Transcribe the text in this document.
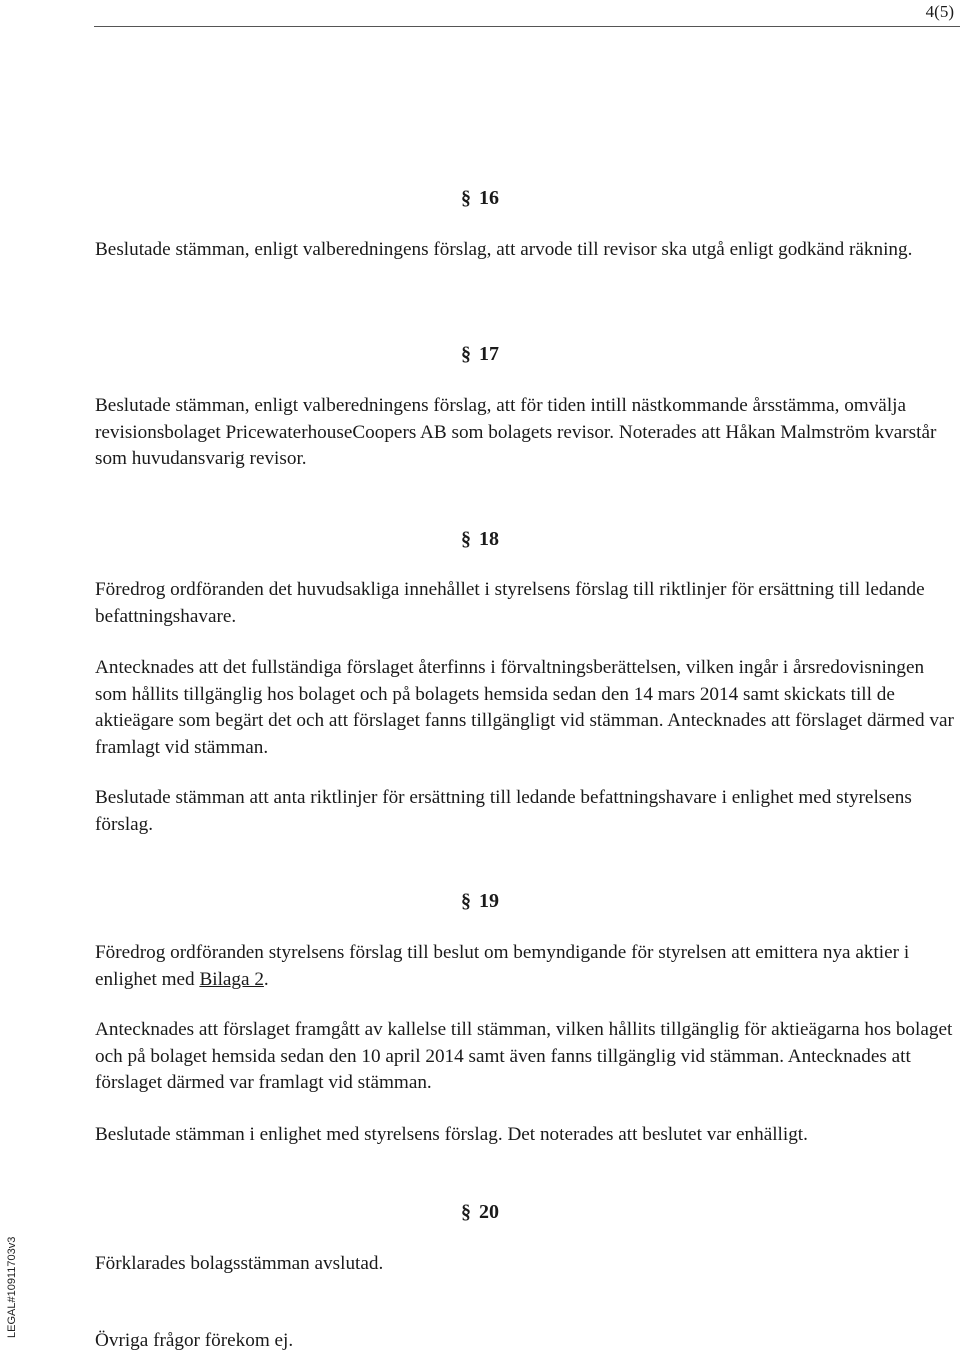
4(5)
§ 16

Beslutade stämman, enligt valberedningens förslag, att arvode till revisor ska utgå enligt godkänd räkning.

§ 17

Beslutade stämman, enligt valberedningens förslag, att för tiden intill nästkommande årsstämma, omvälja revisionsbolaget PricewaterhouseCoopers AB som bolagets revisor. Noterades att Håkan Malmström kvarstår som huvudansvarig revisor.

§ 18

Föredrog ordföranden det huvudsakliga innehållet i styrelsens förslag till riktlinjer för ersättning till ledande befattningshavare.

Antecknades att det fullständiga förslaget återfinns i förvaltningsberättelsen, vilken ingår i årsredovisningen som hållits tillgänglig hos bolaget och på bolagets hemsida sedan den 14 mars 2014 samt skickats till de aktieägare som begärt det och att förslaget fanns tillgängligt vid stämman. Antecknades att förslaget därmed var framlagt vid stämman.

Beslutade stämman att anta riktlinjer för ersättning till ledande befattningshavare i enlighet med styrelsens förslag.

§ 19

Föredrog ordföranden styrelsens förslag till beslut om bemyndigande för styrelsen att emittera nya aktier i enlighet med Bilaga 2.

Antecknades att förslaget framgått av kallelse till stämman, vilken hållits tillgänglig för aktieägarna hos bolaget och på bolaget hemsida sedan den 10 april 2014 samt även fanns tillgänglig vid stämman. Antecknades att förslaget därmed var framlagt vid stämman.

Beslutade stämman i enlighet med styrelsens förslag. Det noterades att beslutet var enhälligt.

§ 20

Förklarades bolagsstämman avslutad.

Övriga frågor förekom ej.

LEGAL#10911703v3
